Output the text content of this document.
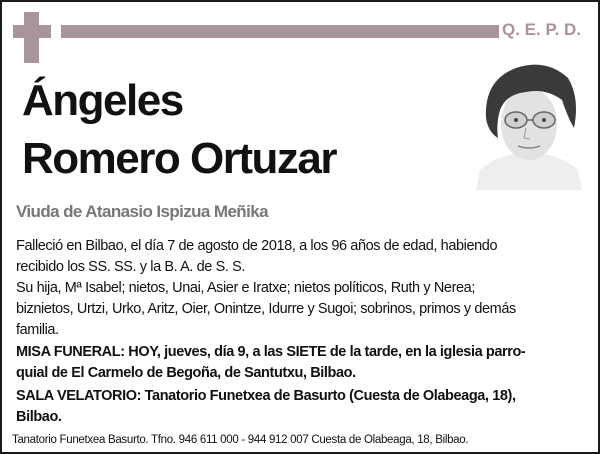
Q. E. P. D.
Ángeles
Romero Ortuzar
Viuda de Atanasio Ispizua Meñika
Falleció en Bilbao, el día 7 de agosto de 2018, a los 96 años de edad, habiendo
recibido los SS. SS. y la B. A. de S. S.
Su hija, Mª Isabel; nietos, Unai, Asier e Iratxe; nietos políticos, Ruth y Nerea;
biznietos, Urtzi, Urko, Aritz, Oier, Onintze, Idurre y Sugoi; sobrinos, primos y demás
familia.
MISA FUNERAL: HOY, jueves, día 9, a las SIETE de la tarde, en la iglesia parro-
quial de El Carmelo de Begoña, de Santutxu, Bilbao.
SALA VELATORIO: Tanatorio Funetxea de Basurto (Cuesta de Olabeaga, 18),
Bilbao.
Tanatorio Funetxea Basurto. Tfno. 946 611 000 - 944 912 007 Cuesta de Olabeaga, 18, Bilbao.
